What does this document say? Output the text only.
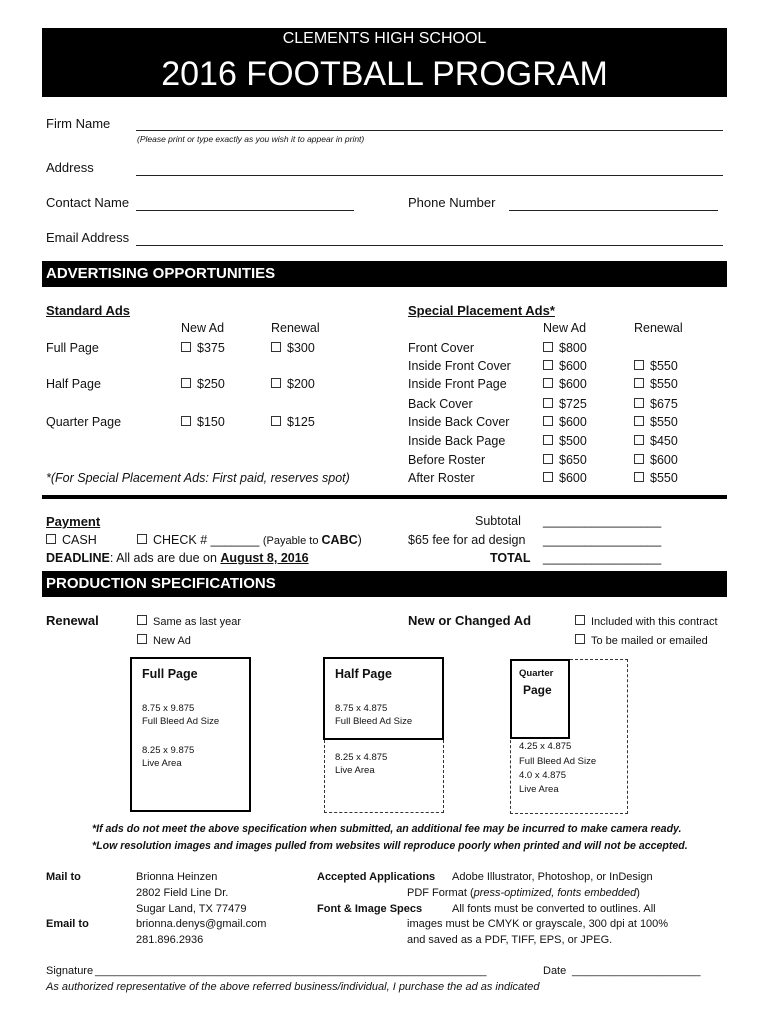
CLEMENTS HIGH SCHOOL
2016 FOOTBALL PROGRAM
Firm Name
(Please print or type exactly as you wish it to appear in print)
Address
Contact Name	Phone Number
Email Address
ADVERTISING OPPORTUNITIES
Standard Ads
New Ad	Renewal
Full Page	$375	$300
Half Page	$250	$200
Quarter Page	$150	$125
*(For Special Placement Ads: First paid, reserves spot)
Special Placement Ads*
New Ad	Renewal
Front Cover	$800
Inside Front Cover	$600	$550
Inside Front Page	$600	$550
Back Cover	$725	$675
Inside Back Cover	$600	$550
Inside Back Page	$500	$450
Before Roster	$650	$600
After Roster	$600	$550
Payment
CASH	CHECK # _______ (Payable to CABC)
DEADLINE: All ads are due on August 8, 2016
Subtotal _________________
$65 fee for ad design _________________
TOTAL _________________
PRODUCTION SPECIFICATIONS
Renewal	Same as last year
New Ad
New or Changed Ad	Included with this contract
To be mailed or emailed
Full Page
8.75 x 9.875
Full Bleed Ad Size
8.25 x 9.875
Live Area
Half Page
8.75 x 4.875
Full Bleed Ad Size
8.25 x 4.875
Live Area
Quarter
Page
4.25 x 4.875
Full Bleed Ad Size
4.0 x 4.875
Live Area
*If ads do not meet the above specification when submitted, an additional fee may be incurred to make camera ready.
*Low resolution images and images pulled from websites will reproduce poorly when printed and will not be accepted.
Mail to	Brionna Heinzen
2802 Field Line Dr.
Sugar Land, TX 77479
Email to	brionna.denys@gmail.com
281.896.2936
Accepted Applications Adobe Illustrator, Photoshop, or InDesign
PDF Format (press-optimized, fonts embedded)
Font & Image Specs	All fonts must be converted to outlines. All
images must be CMYK or grayscale, 300 dpi at 100%
and saved as a PDF, TIFF, EPS, or JPEG.
Signature ________________________________________________________________	Date _____________________
As authorized representative of the above referred business/individual, I purchase the ad as indicated
